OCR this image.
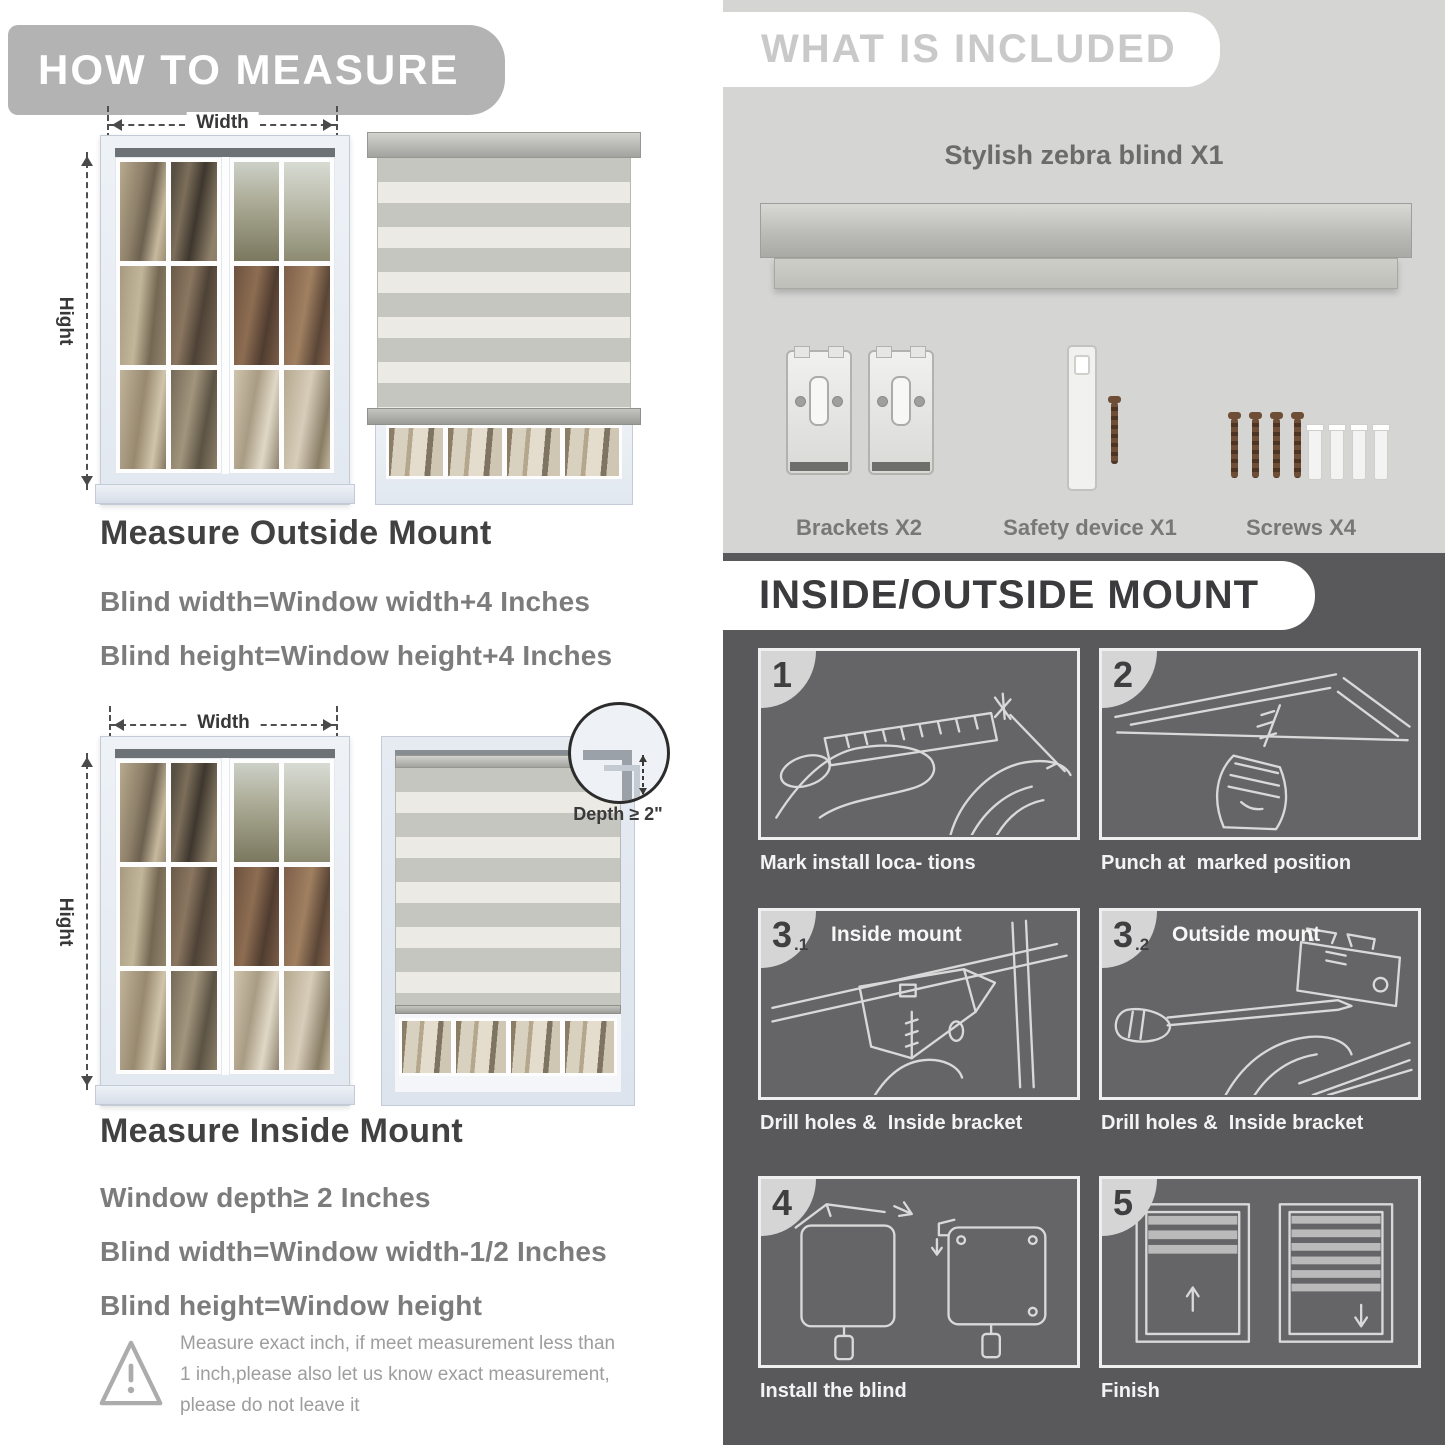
HOW TO MEASURE
Width
Hight
Measure Outside Mount
Blind width=Window width+4 Inches
Blind height=Window height+4 Inches
Width
Hight
Depth ≥ 2"
Measure Inside Mount
Window depth≥ 2 Inches
Blind width=Window width-1/2 Inches
Blind height=Window height
Measure exact inch, if meet measurement less than 1 inch,please also let us know exact measurement, please do not leave it
WHAT IS INCLUDED
Stylish zebra blind X1
Brackets X2	Safety device X1	Screws X4
INSIDE/OUTSIDE MOUNT
1
Mark install loca- tions
2
Punch at  marked position
3 .1 Inside mount
Drill holes &  Inside bracket
3 .2 Outside mount
Drill holes &  Inside bracket
4
Install the blind
5
Finish
